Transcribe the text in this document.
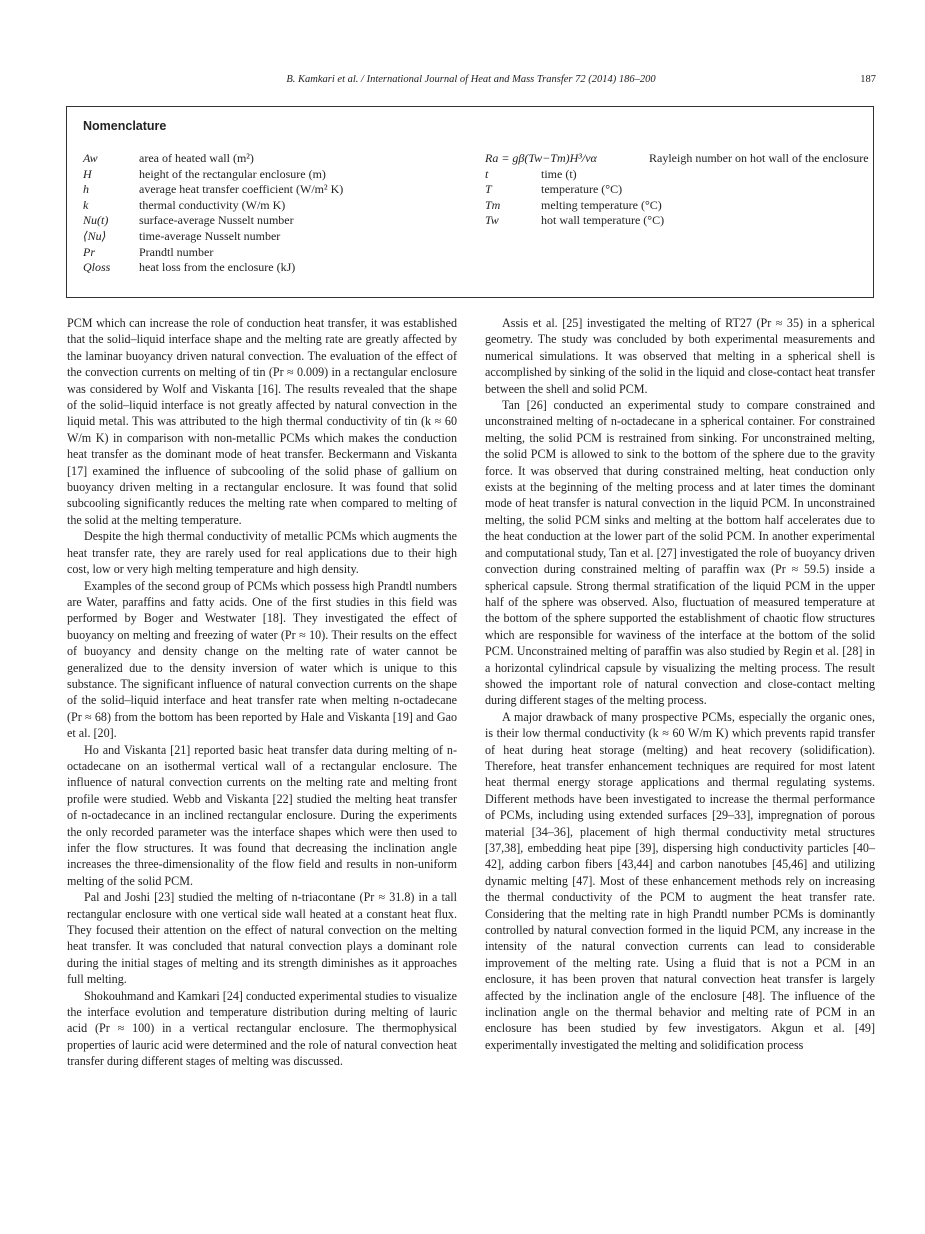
B. Kamkari et al. / International Journal of Heat and Mass Transfer 72 (2014) 186–200	187
Nomenclature
Aw	area of heated wall (m²)
H	height of the rectangular enclosure (m)
h	average heat transfer coefficient (W/m² K)
k	thermal conductivity (W/m K)
Nu(t)	surface-average Nusselt number
⟨Nu⟩	time-average Nusselt number
Pr	Prandtl number
Qloss	heat loss from the enclosure (kJ)
Ra = gβ(Tw−Tm)H³/να	Rayleigh number on hot wall of the enclosure
t	time (t)
T	temperature (°C)
Tm	melting temperature (°C)
Tw	hot wall temperature (°C)

PCM which can increase the role of conduction heat transfer, it was established that the solid–liquid interface shape and the melting rate are greatly affected by the laminar buoyancy driven natural convection. The evaluation of the effect of the convection currents on melting of tin (Pr ≈ 0.009) in a rectangular enclosure was considered by Wolf and Viskanta [16]. The results revealed that the shape of the solid–liquid interface is not greatly affected by natural convection in the liquid metal. This was attributed to the high thermal conductivity of tin (k ≈ 60 W/m K) in comparison with non-metallic PCMs which makes the conduction heat transfer as the dominant mode of heat transfer. Beckermann and Viskanta [17] examined the influence of subcooling of the solid phase of gallium on buoyancy driven melting in a rectangular enclosure. It was found that solid subcooling significantly reduces the melting rate when compared to melting of the solid at the melting temperature.

Despite the high thermal conductivity of metallic PCMs which augments the heat transfer rate, they are rarely used for real applications due to their high cost, low or very high melting temperature and high density.

Examples of the second group of PCMs which possess high Prandtl numbers are Water, paraffins and fatty acids. One of the first studies in this field was performed by Boger and Westwater [18]. They investigated the effect of buoyancy on melting and freezing of water (Pr ≈ 10). Their results on the effect of buoyancy and density change on the melting rate of water cannot be generalized due to the density inversion of water which is unique to this substance. The significant influence of natural convection currents on the shape of the solid–liquid interface and heat transfer rate when melting n-octadecane (Pr ≈ 68) from the bottom has been reported by Hale and Viskanta [19] and Gao et al. [20].

Ho and Viskanta [21] reported basic heat transfer data during melting of n-octadecane on an isothermal vertical wall of a rectangular enclosure. The influence of natural convection currents on the melting rate and melting front profile were studied. Webb and Viskanta [22] studied the melting heat transfer of n-octadecance in an inclined rectangular enclosure. During the experiments the only recorded parameter was the interface shapes which were then used to infer the flow structures. It was found that decreasing the inclination angle increases the three-dimensionality of the flow field and results in non-uniform melting of the solid PCM.

Pal and Joshi [23] studied the melting of n-triacontane (Pr ≈ 31.8) in a tall rectangular enclosure with one vertical side wall heated at a constant heat flux. They focused their attention on the effect of natural convection on the melting heat transfer. It was concluded that natural convection plays a dominant role during the initial stages of melting and its strength diminishes as it approaches full melting.

Shokouhmand and Kamkari [24] conducted experimental studies to visualize the interface evolution and temperature distribution during melting of lauric acid (Pr ≈ 100) in a vertical rectangular enclosure. The thermophysical properties of lauric acid were determined and the role of natural convection heat transfer during different stages of melting was discussed.

Assis et al. [25] investigated the melting of RT27 (Pr ≈ 35) in a spherical geometry. The study was concluded by both experimental measurements and numerical simulations. It was observed that melting in a spherical shell is accomplished by sinking of the solid in the liquid and close-contact heat transfer between the shell and solid PCM.

Tan [26] conducted an experimental study to compare constrained and unconstrained melting of n-octadecane in a spherical container. For constrained melting, the solid PCM is restrained from sinking. For unconstrained melting, the solid PCM is allowed to sink to the bottom of the sphere due to the gravity force. It was observed that during constrained melting, heat conduction only exists at the beginning of the melting process and at later times the dominant mode of heat transfer is natural convection in the liquid PCM. In unconstrained melting, the solid PCM sinks and melting at the bottom half accelerates due to the heat conduction at the lower part of the solid PCM. In another experimental and computational study, Tan et al. [27] investigated the role of buoyancy driven convection during constrained melting of paraffin wax (Pr ≈ 59.5) inside a spherical capsule. Strong thermal stratification of the liquid PCM in the upper half of the sphere was observed. Also, fluctuation of measured temperature at the bottom of the sphere supported the establishment of chaotic flow structures which are responsible for waviness of the interface at the bottom of the solid PCM. Unconstrained melting of paraffin was also studied by Regin et al. [28] in a horizontal cylindrical capsule by visualizing the melting process. The result showed the important role of natural convection and close-contact melting during different stages of the melting process.

A major drawback of many prospective PCMs, especially the organic ones, is their low thermal conductivity (k ≈ 60 W/m K) which prevents rapid transfer of heat during heat storage (melting) and heat recovery (solidification). Therefore, heat transfer enhancement techniques are required for most latent heat thermal energy storage applications and thermal regulating systems. Different methods have been investigated to increase the thermal performance of PCMs, including using extended surfaces [29–33], impregnation of porous material [34–36], placement of high thermal conductivity metal structures [37,38], embedding heat pipe [39], dispersing high conductivity particles [40–42], adding carbon fibers [43,44] and carbon nanotubes [45,46] and utilizing dynamic melting [47]. Most of these enhancement methods rely on increasing the thermal conductivity of the PCM to augment the heat transfer rate. Considering that the melting rate in high Prandtl number PCMs is dominantly controlled by natural convection formed in the liquid PCM, any increase in the intensity of the natural convection currents can lead to considerable improvement of the melting rate. Using a fluid that is not a PCM in an enclosure, it has been proven that natural convection heat transfer is largely affected by the inclination angle of the enclosure [48]. The influence of the inclination angle on the thermal behavior and melting rate of PCM in an enclosure has been studied by few investigators. Akgun et al. [49] experimentally investigated the melting and solidification process
